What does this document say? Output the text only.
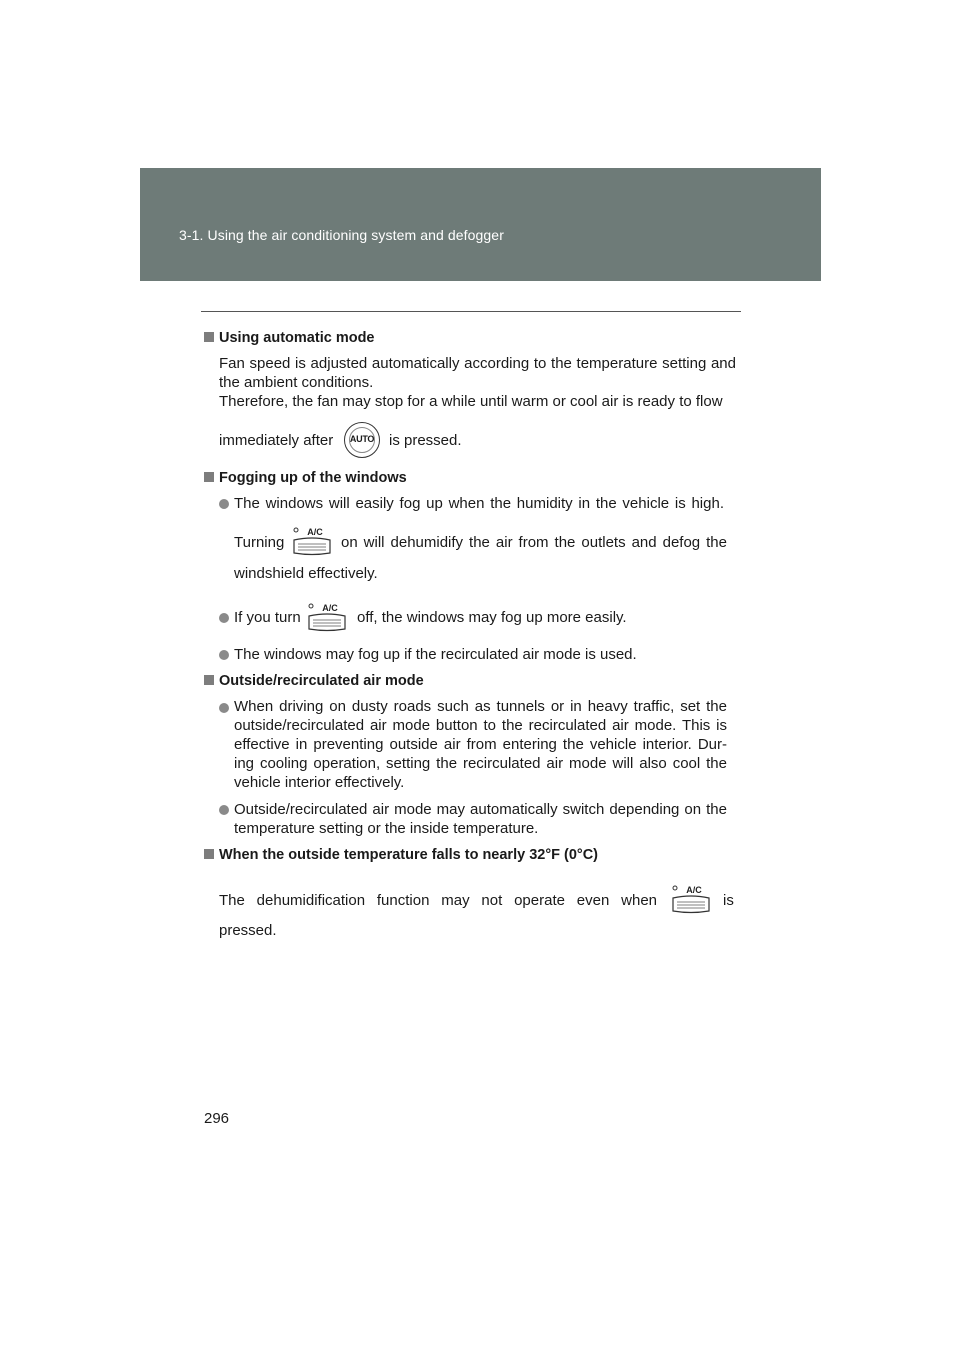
3-1. Using the air conditioning system and defogger
Using automatic mode
Fan speed is adjusted automatically according to the temperature setting and the ambient conditions.
Therefore, the fan may stop for a while until warm or cool air is ready to flow
immediately after	AUTO is pressed.
Fogging up of the windows
The windows will easily fog up when the humidity in the vehicle is high.
Turning
A/C
on will dehumidify the air from the outlets and defog the
windshield effectively.
If you turn
A/C
off, the windows may fog up more easily.
The windows may fog up if the recirculated air mode is used.
Outside/recirculated air mode
When driving on dusty roads such as tunnels or in heavy traffic, set the outside/recirculated air mode button to the recirculated air mode. This is effective in preventing outside air from entering the vehicle interior. Dur-ing cooling operation, setting the recirculated air mode will also cool the vehicle interior effectively.
Outside/recirculated air mode may automatically switch depending on the temperature setting or the inside temperature.
When the outside temperature falls to nearly 32°F (0°C)
The dehumidification function may not operate even when
A/C
is
pressed.
296
